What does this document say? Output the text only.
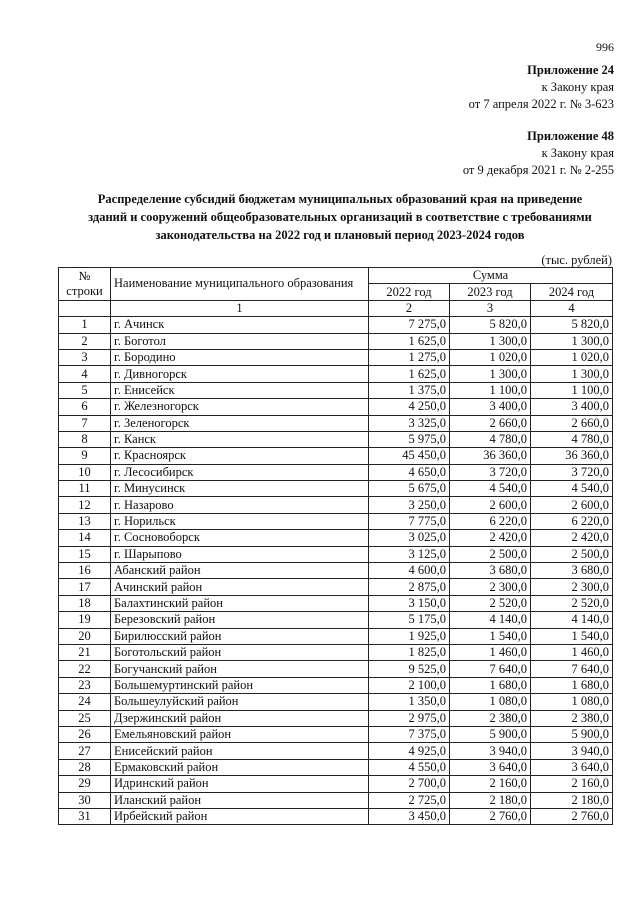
996
Приложение 24
к Закону края
от 7 апреля 2022 г. № 3-623
Приложение 48
к Закону края
от 9 декабря 2021 г. № 2-255
Распределение субсидий бюджетам муниципальных образований края на приведение
зданий и сооружений общеобразовательных организаций в соответствие с требованиями
законодательства на 2022 год и плановый период 2023-2024 годов
(тыс. рублей)
№ строки	Наименование муниципального образования	Сумма		
		2022 год	2023 год	2024 год
	1	2	3	4
1	г. Ачинск	7 275,0	5 820,0	5 820,0
2	г. Боготол	1 625,0	1 300,0	1 300,0
3	г. Бородино	1 275,0	1 020,0	1 020,0
4	г. Дивногорск	1 625,0	1 300,0	1 300,0
5	г. Енисейск	1 375,0	1 100,0	1 100,0
6	г. Железногорск	4 250,0	3 400,0	3 400,0
7	г. Зеленогорск	3 325,0	2 660,0	2 660,0
8	г. Канск	5 975,0	4 780,0	4 780,0
9	г. Красноярск	45 450,0	36 360,0	36 360,0
10	г. Лесосибирск	4 650,0	3 720,0	3 720,0
11	г. Минусинск	5 675,0	4 540,0	4 540,0
12	г. Назарово	3 250,0	2 600,0	2 600,0
13	г. Норильск	7 775,0	6 220,0	6 220,0
14	г. Сосновоборск	3 025,0	2 420,0	2 420,0
15	г. Шарыпово	3 125,0	2 500,0	2 500,0
16	Абанский район	4 600,0	3 680,0	3 680,0
17	Ачинский район	2 875,0	2 300,0	2 300,0
18	Балахтинский район	3 150,0	2 520,0	2 520,0
19	Березовский район	5 175,0	4 140,0	4 140,0
20	Бирилюсский район	1 925,0	1 540,0	1 540,0
21	Боготольский район	1 825,0	1 460,0	1 460,0
22	Богучанский район	9 525,0	7 640,0	7 640,0
23	Большемуртинский район	2 100,0	1 680,0	1 680,0
24	Большеулуйский район	1 350,0	1 080,0	1 080,0
25	Дзержинский район	2 975,0	2 380,0	2 380,0
26	Емельяновский район	7 375,0	5 900,0	5 900,0
27	Енисейский район	4 925,0	3 940,0	3 940,0
28	Ермаковский район	4 550,0	3 640,0	3 640,0
29	Идринский район	2 700,0	2 160,0	2 160,0
30	Иланский район	2 725,0	2 180,0	2 180,0
31	Ирбейский район	3 450,0	2 760,0	2 760,0
